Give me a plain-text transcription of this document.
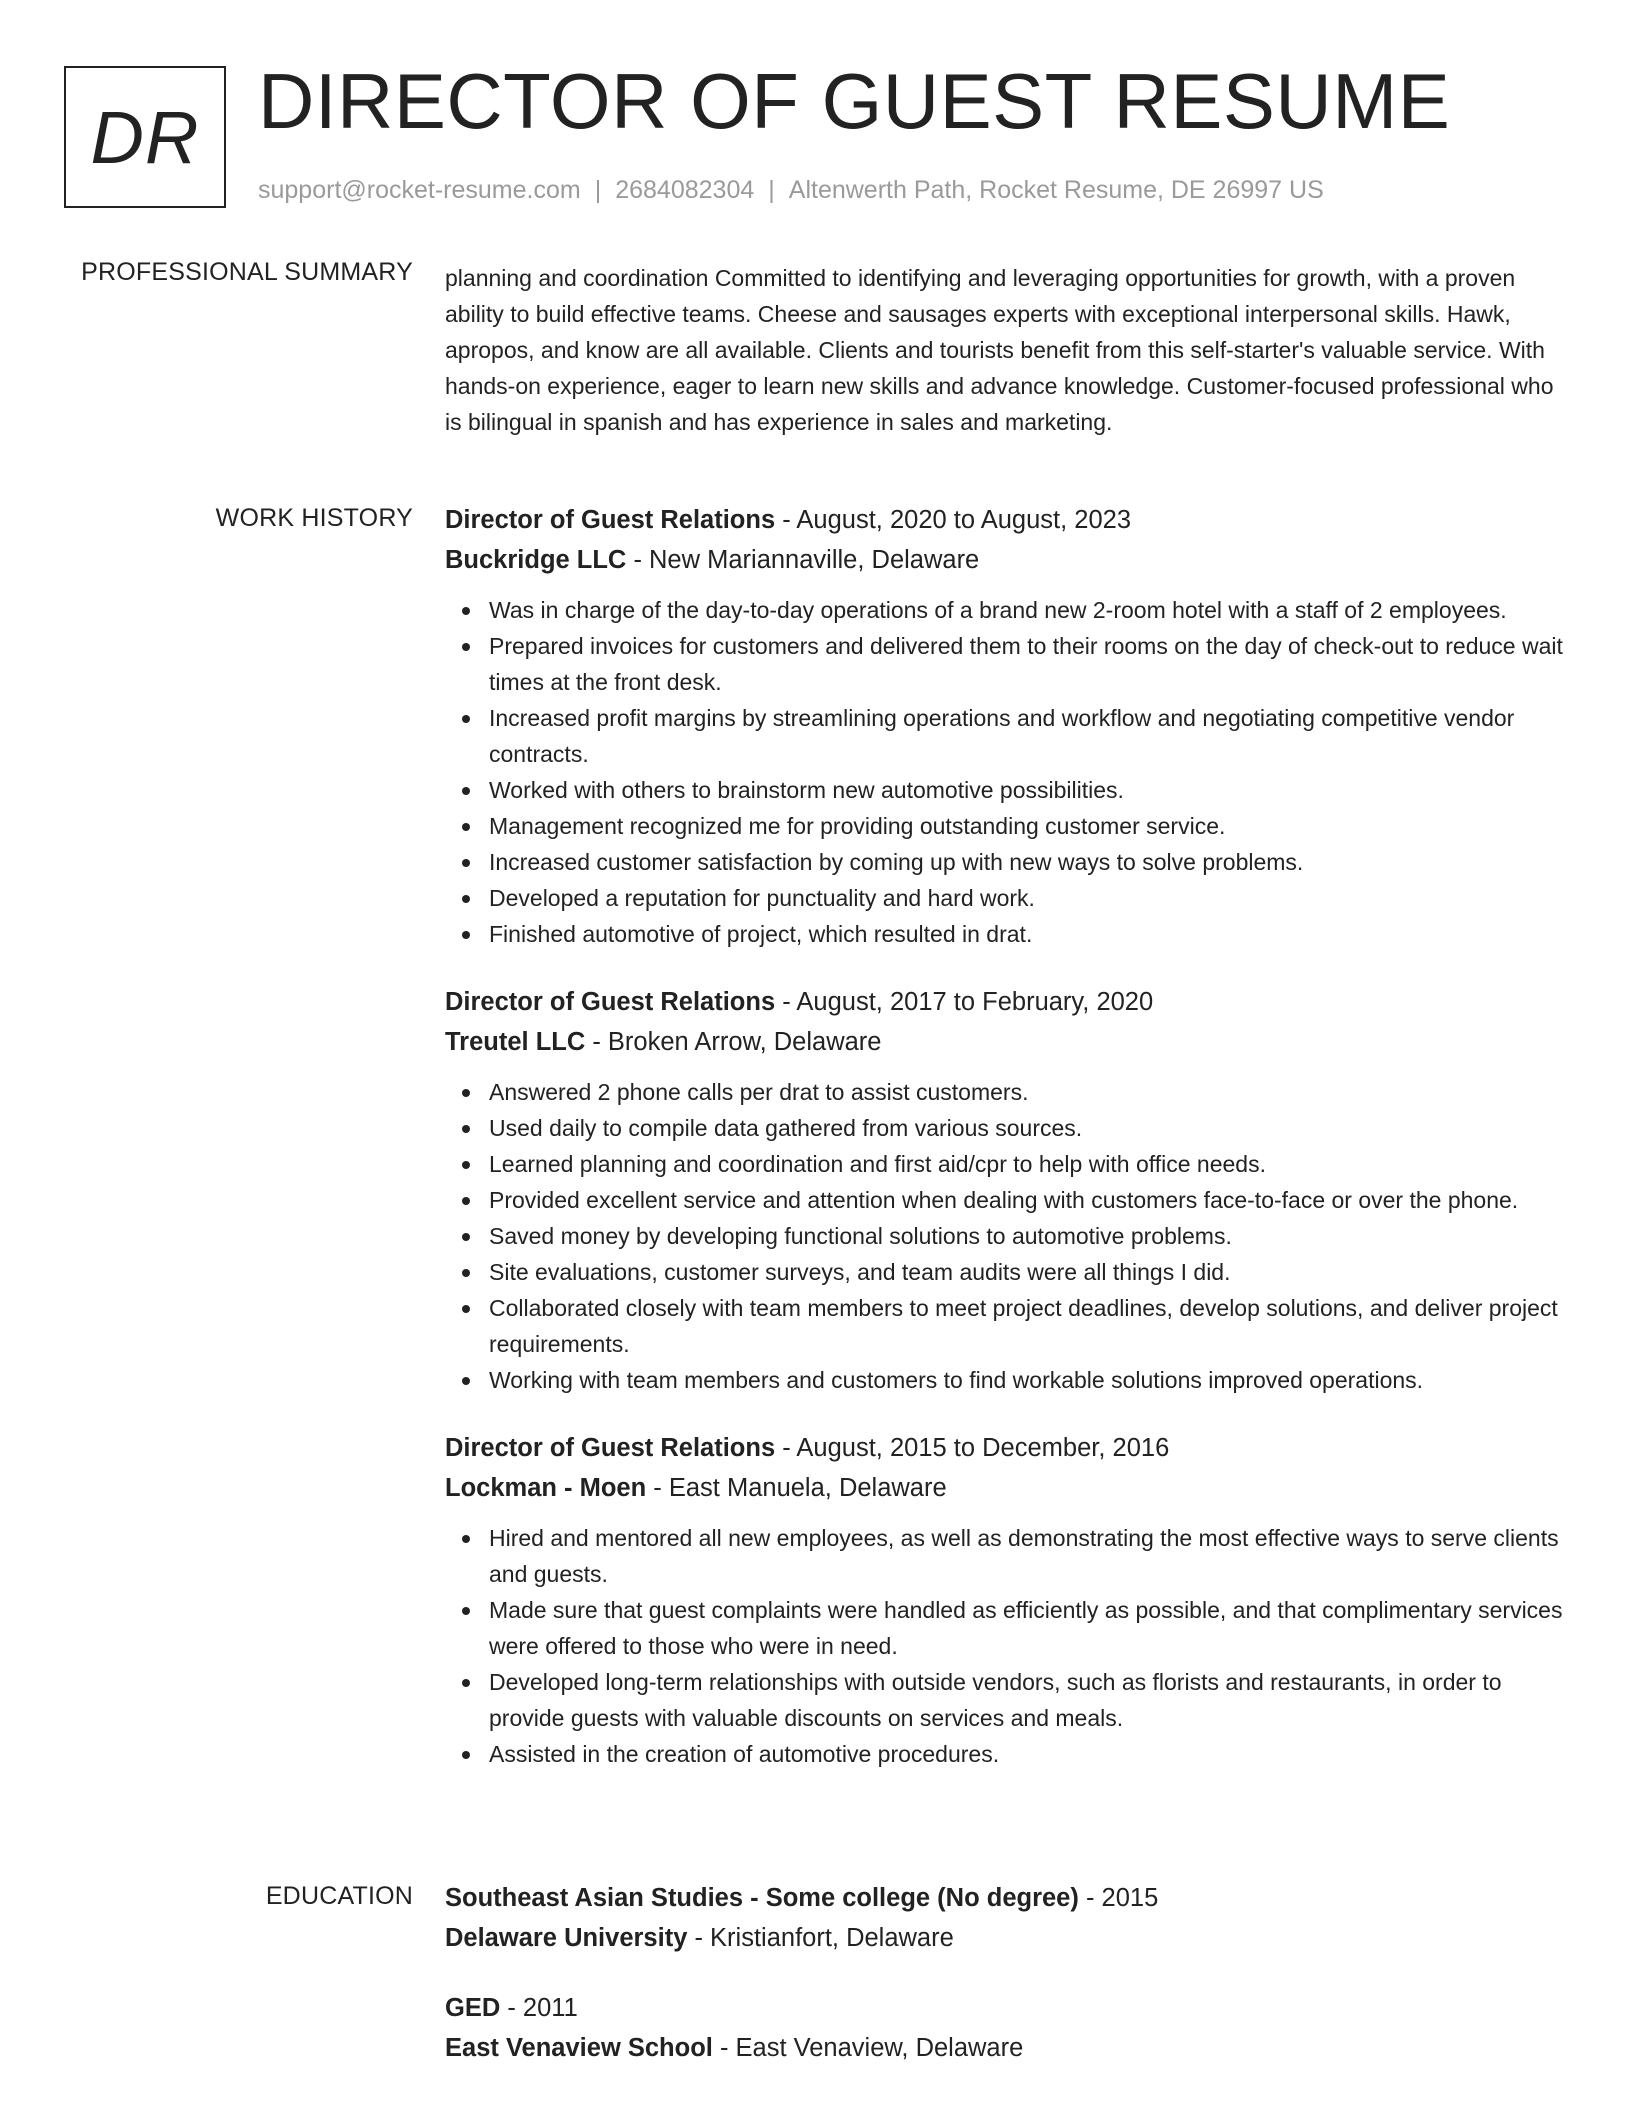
DR DIRECTOR OF GUEST RESUME
support@rocket-resume.com | 2684082304 | Altenwerth Path, Rocket Resume, DE 26997 US
PROFESSIONAL SUMMARY planning and coordination Committed to identifying and leveraging opportunities for growth, with a proven ability to build effective teams. Cheese and sausages experts with exceptional interpersonal skills. Hawk, apropos, and know are all available. Clients and tourists benefit from this self-starter's valuable service. With hands-on experience, eager to learn new skills and advance knowledge. Customer-focused professional who is bilingual in spanish and has experience in sales and marketing.

WORK HISTORY Director of Guest Relations - August, 2020 to August, 2023
Buckridge LLC - New Mariannaville, Delaware
Was in charge of the day-to-day operations of a brand new 2-room hotel with a staff of 2 employees.
Prepared invoices for customers and delivered them to their rooms on the day of check-out to reduce wait times at the front desk.
Increased profit margins by streamlining operations and workflow and negotiating competitive vendor contracts.
Worked with others to brainstorm new automotive possibilities.
Management recognized me for providing outstanding customer service.
Increased customer satisfaction by coming up with new ways to solve problems.
Developed a reputation for punctuality and hard work.
Finished automotive of project, which resulted in drat.
Director of Guest Relations - August, 2017 to February, 2020
Treutel LLC - Broken Arrow, Delaware
Answered 2 phone calls per drat to assist customers.
Used daily to compile data gathered from various sources.
Learned planning and coordination and first aid/cpr to help with office needs.
Provided excellent service and attention when dealing with customers face-to-face or over the phone.
Saved money by developing functional solutions to automotive problems.
Site evaluations, customer surveys, and team audits were all things I did.
Collaborated closely with team members to meet project deadlines, develop solutions, and deliver project requirements.
Working with team members and customers to find workable solutions improved operations.
Director of Guest Relations - August, 2015 to December, 2016
Lockman - Moen - East Manuela, Delaware
Hired and mentored all new employees, as well as demonstrating the most effective ways to serve clients and guests.
Made sure that guest complaints were handled as efficiently as possible, and that complimentary services were offered to those who were in need.
Developed long-term relationships with outside vendors, such as florists and restaurants, in order to provide guests with valuable discounts on services and meals.
Assisted in the creation of automotive procedures.
EDUCATION Southeast Asian Studies - Some college (No degree) - 2015
Delaware University - Kristianfort, Delaware
GED - 2011
East Venaview School - East Venaview, Delaware
